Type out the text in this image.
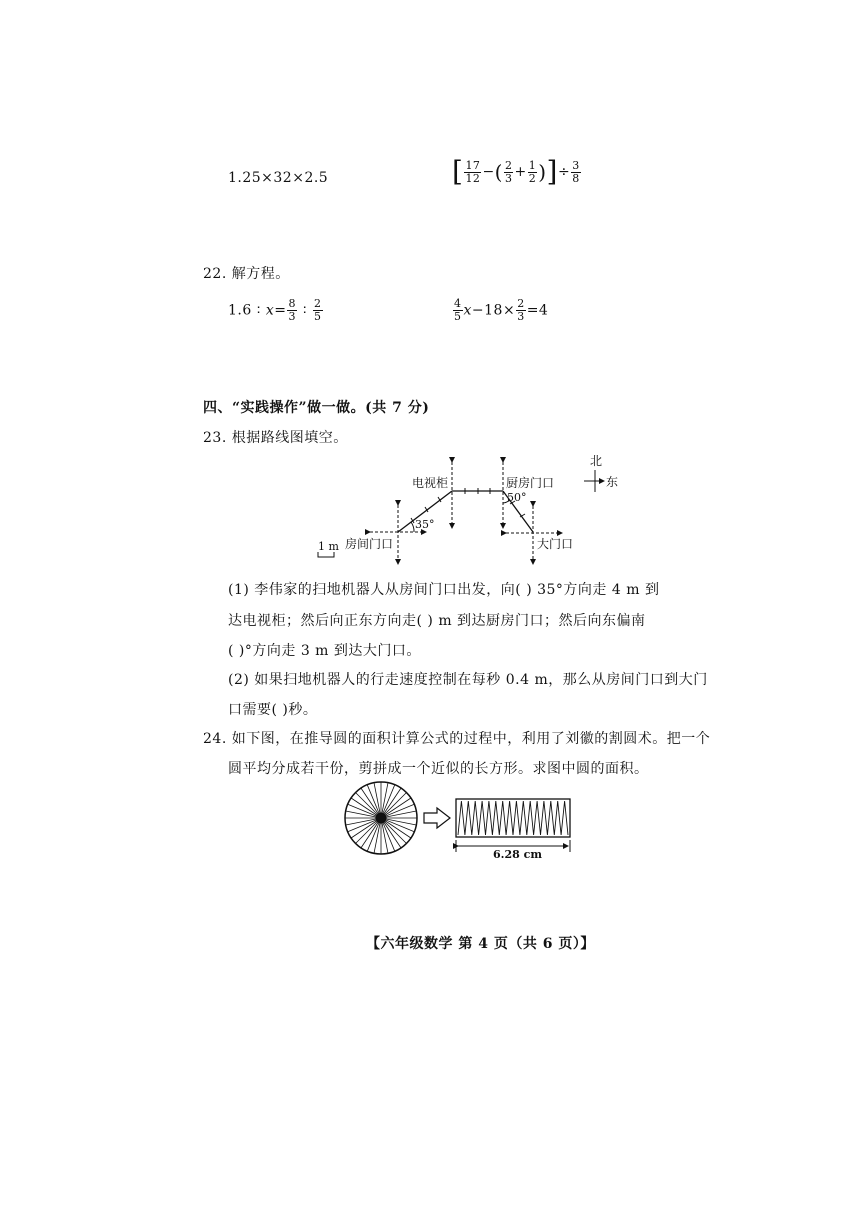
1.25×32×2.5	[ $\frac{17}{12}$ −( $\frac{2}{3} + \frac{1}{2}$ )]÷ $\frac{3}{8}$
22. 解方程。
1.6 ∶ $x= \frac{8}{3}$ ∶ $\frac{2}{5}$	$\frac{4}{5} x-18\times \frac{2}{3} =4$
四、“实践操作”做一做。(共 7 分)
23. 根据路线图填空。
北
东
电视柜	厨房门口
房间门口	大门口
35°
50°
1 m
(1) 李伟家的扫地机器人从房间门口出发，向( ) 35°方向走 4 m 到
达电视柜；然后向正东方向走( ) m 到达厨房门口；然后向东偏南
( )°方向走 3 m 到达大门口。
(2) 如果扫地机器人的行走速度控制在每秒 0.4 m，那么从房间门口到大门
口需要( )秒。
24. 如下图，在推导圆的面积计算公式的过程中，利用了刘徽的割圆术。把一个
圆平均分成若干份，剪拼成一个近似的长方形。求图中圆的面积。
6.28 cm
【六年级数学 第 4 页（共 6 页）】
